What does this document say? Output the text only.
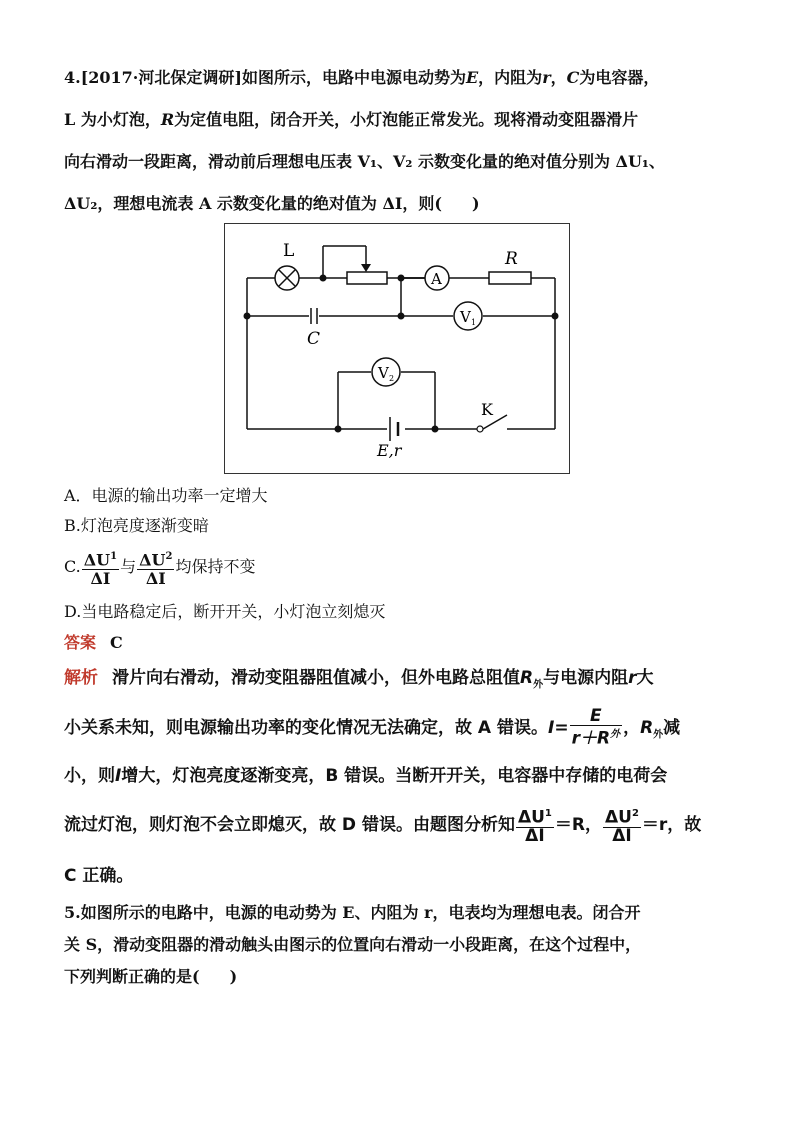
4.[2017·河北保定调研]如图所示，电路中电源电动势为E，内阻为r，C为电容器，
L 为小灯泡，R为定值电阻，闭合开关，小灯泡能正常发光。现将滑动变阻器滑片
向右滑动一段距离，滑动前后理想电压表 V₁、V₂ 示数变化量的绝对值分别为 ΔU₁、
ΔU₂，理想电流表 A 示数变化量的绝对值为 ΔI，则( )
L	R
A
V 1
C
V 2
K
E,r
A．电源的输出功率一定增大
B.灯泡亮度逐渐变暗
C. $\frac{\Delta U^1}{\Delta I}$ 与 $\frac{\Delta U^2}{\Delta I}$ 均保持不变
D.当电路稳定后，断开开关，小灯泡立刻熄灭
答案 C
解析 滑片向右滑动，滑动变阻器阻值减小，但外电路总阻值$R_外$与电源内阻r大
小关系未知，则电源输出功率的变化情况无法确定，故 A 错误。$I= \frac{E}{r+R^外}$ ，$R_外$减
小，则I增大，灯泡亮度逐渐变亮，B 错误。当断开开关，电容器中存储的电荷会
流过灯泡，则灯泡不会立即熄灭，故 D 错误。由题图分析知 $\frac{\Delta U^1}{\Delta I} =R$， $\frac{\Delta U^2}{\Delta I} =r$，故
C 正确。
5.如图所示的电路中，电源的电动势为 E、内阻为 r，电表均为理想电表。闭合开
关 S，滑动变阻器的滑动触头由图示的位置向右滑动一小段距离，在这个过程中，
下列判断正确的是( )
